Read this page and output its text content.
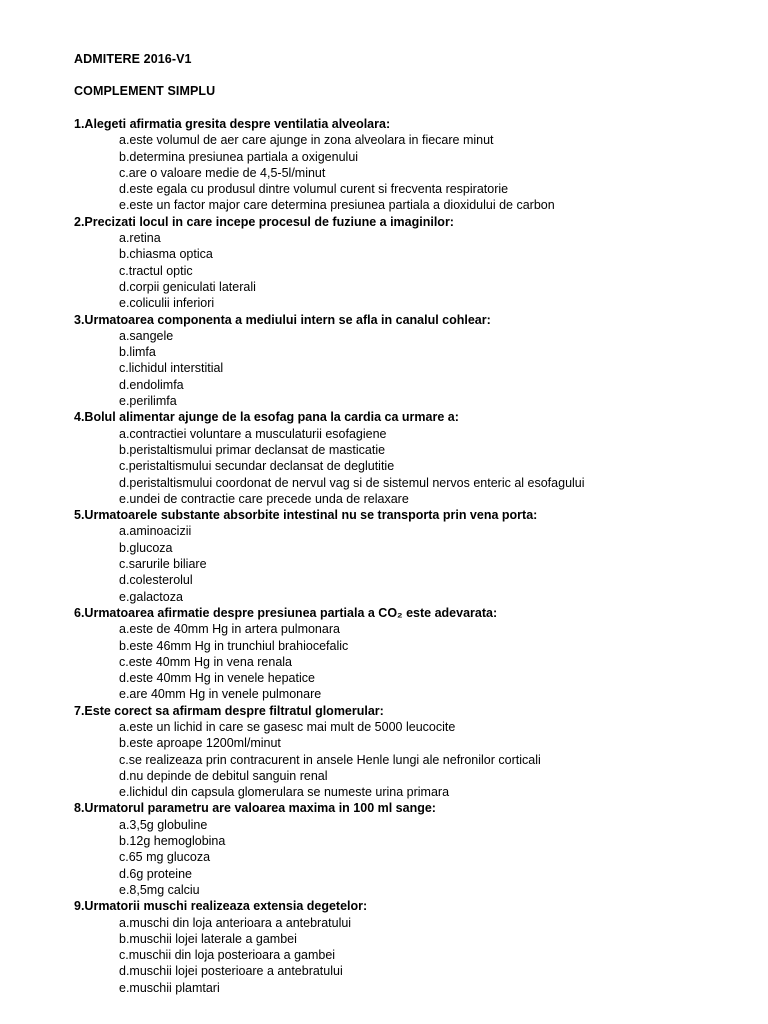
ADMITERE 2016-V1
COMPLEMENT SIMPLU
1.Alegeti afirmatia gresita despre ventilatia alveolara:
a.este volumul de aer care ajunge in zona alveolara in fiecare minut
b.determina presiunea partiala a oxigenului
c.are o valoare medie de 4,5-5l/minut
d.este egala cu produsul dintre volumul curent si frecventa respiratorie
e.este un factor major care determina presiunea partiala a dioxidului de carbon
2.Precizati locul in care incepe procesul de fuziune a imaginilor:
a.retina
b.chiasma optica
c.tractul optic
d.corpii geniculati laterali
e.coliculii inferiori
3.Urmatoarea componenta a mediului intern se afla in canalul cohlear:
a.sangele
b.limfa
c.lichidul interstitial
d.endolimfa
e.perilimfa
4.Bolul alimentar ajunge de la esofag pana la cardia ca urmare a:
a.contractiei voluntare a musculaturii esofagiene
b.peristaltismului primar declansat de masticatie
c.peristaltismului secundar declansat de deglutitie
d.peristaltismului coordonat de nervul vag si de sistemul nervos enteric al esofagului
e.undei de contractie care precede unda de relaxare
5.Urmatoarele substante absorbite intestinal nu se transporta prin vena porta:
a.aminoacizii
b.glucoza
c.sarurile biliare
d.colesterolul
e.galactoza
6.Urmatoarea afirmatie despre presiunea partiala a CO₂ este adevarata:
a.este de 40mm Hg in artera pulmonara
b.este 46mm Hg in trunchiul brahiocefalic
c.este 40mm Hg in vena renala
d.este 40mm Hg in venele hepatice
e.are 40mm Hg in venele pulmonare
7.Este corect sa afirmam despre filtratul glomerular:
a.este un lichid in care se gasesc mai mult de 5000 leucocite
b.este aproape 1200ml/minut
c.se realizeaza prin contracurent in ansele Henle lungi ale nefronilor corticali
d.nu depinde de debitul sanguin renal
e.lichidul din capsula glomerulara se numeste urina primara
8.Urmatorul parametru are valoarea maxima in 100 ml sange:
a.3,5g globuline
b.12g hemoglobina
c.65 mg glucoza
d.6g proteine
e.8,5mg calciu
9.Urmatorii muschi realizeaza extensia degetelor:
a.muschi din loja anterioara a antebratului
b.muschii lojei laterale a gambei
c.muschii din loja posterioara a gambei
d.muschii lojei posterioare a antebratului
e.muschii plamtari
